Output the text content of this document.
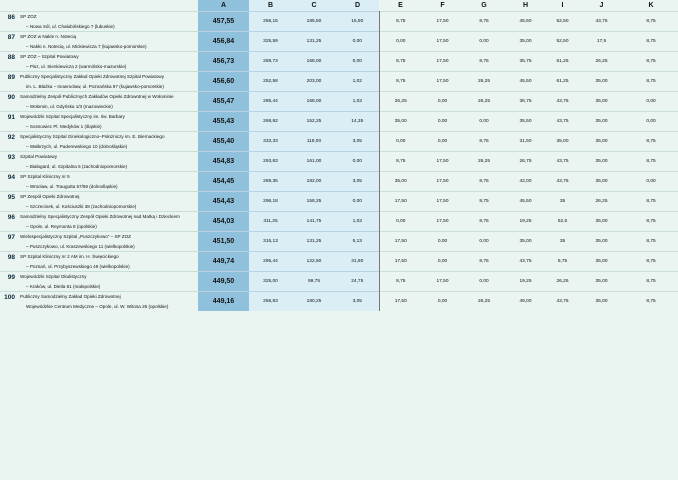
		A	B	C	D	E	F	G	H	I	J	K
86	SP ZOZ	457,55	256,15	185,50	15,90	8,75	17,50	8,75	45,50	52,50	43,75	8,75
	– Nowa Sól, ul. Chałubińskiego 7 (lubuskie)											
87	SP ZOZ w Nakle n. Notecią	456,84	325,59	131,25	0,00	0,00	17,50	0,00	35,00	52,50	17,5	8,75
	– Nakło n. Notecią, ul. Mickiewicza 7 (kujawsko-pomorskie)											
88	SP ZOZ – Szpital Powiatowy	456,73	288,73	168,00	0,00	8,75	17,50	8,75	35,75	61,25	26,25	8,75
	– Pisz, ul. Sienkiewicza 2 (warmińsko-mazurskie)											
89	Publiczny Specjalistyczny Zakład Opieki Zdrowotnej Szpital Powiatowy	456,60	252,58	203,00	1,02	8,75	17,50	26,25	45,50	61,25	35,00	8,75
	im. L. Błażka – Inowrocław, ul. Poznańska 97 (kujawsko-pomorskie)											
90	Samodzielny Zespół Publicznych Zakładów Opieki Zdrowotnej w Wołominie	455,47	286,44	168,00	1,03	26,25	0,00	26,25	36,75	43,75	35,00	0,00
	– Wołomin, ul. Gdyńska 1/3 (mazowieckie)											
91	Wojewódzki Szpital Specjalistyczny im. św. Barbary	455,43	268,82	152,25	14,35	35,00	0,00	0,00	35,50	43,75	35,00	0,00
	– Sosnowiec Pl. Medyków 1 (śląskie)											
92	Specjalistyczny Szpital Ginekologiczno–Położniczy im. E. Biernackiego	455,40	333,33	119,00	3,05	0,00	0,00	8,75	31,50	35,00	35,00	8,75
	– Wałbrzych, ul. Paderewskiego 10 (dolnośląskie)											
93	Szpital Powiatowy	454,83	293,83	161,00	0,00	8,75	17,50	26,25	26,75	43,75	35,00	8,75
	– Białogard, ul. Szpitalna 5 (zachodniopomorskie)											
94	SP Szpital Kliniczny nr 5	454,45	269,35	182,00	3,05	35,00	17,50	8,75	42,00	43,75	35,00	0,00
	– Wrocław, ul. Traugutta 57/59 (dolnośląskie)											
95	SP Zespół Opieki Zdrowotnej	454,43	296,18	158,25	0,00	17,50	17,50	8,75	45,50	35	26,25	8,75
	– Szczecinek, ul. Kościuszki 38 (zachodniopomorskie)											
96	Samodzielny Specjalistyczny Zespół Opieki Zdrowotnej nad Matką i Dzieckiem	454,03	311,25	141,75	1,03	0,00	17,50	8,75	19,25	52,5	35,00	8,75
	– Opole, ul. Reymonta 8 (opolskie)											
97	Wielospecjalistyczny Szpital „Puszczykowo” – SP ZOZ	451,50	315,13	131,25	5,13	17,50	0,00	0,00	35,00	35	35,00	8,75
	– Puszczykowo, ul. Kraszewskiego 11 (wielkopolskie)											
98	SP Szpital Kliniczny nr 2 AM im. H. Święcickiego	449,74	295,44	122,50	31,80	17,50	0,00	8,75	43,75	8,75	35,00	8,75
	– Poznań, ul. Przybyszewskiego 49 (wielkopolskie)											
99	Wojewódzki Szpital Okulistyczny	449,50	325,00	99,75	24,75	8,75	17,50	0,00	19,25	26,25	35,00	8,75
	– Kraków, ul. Dietla 61 (małopolskie)											
100	Publiczny Samodzielny Zakład Opieki Zdrowotnej	449,16	256,83	180,25	3,05	17,50	0,00	26,25	49,00	43,75	35,00	8,75
	Wojewódzkie Centrum Medyczne – Opole, ul. W. Witosa 26 (opolskie)											
